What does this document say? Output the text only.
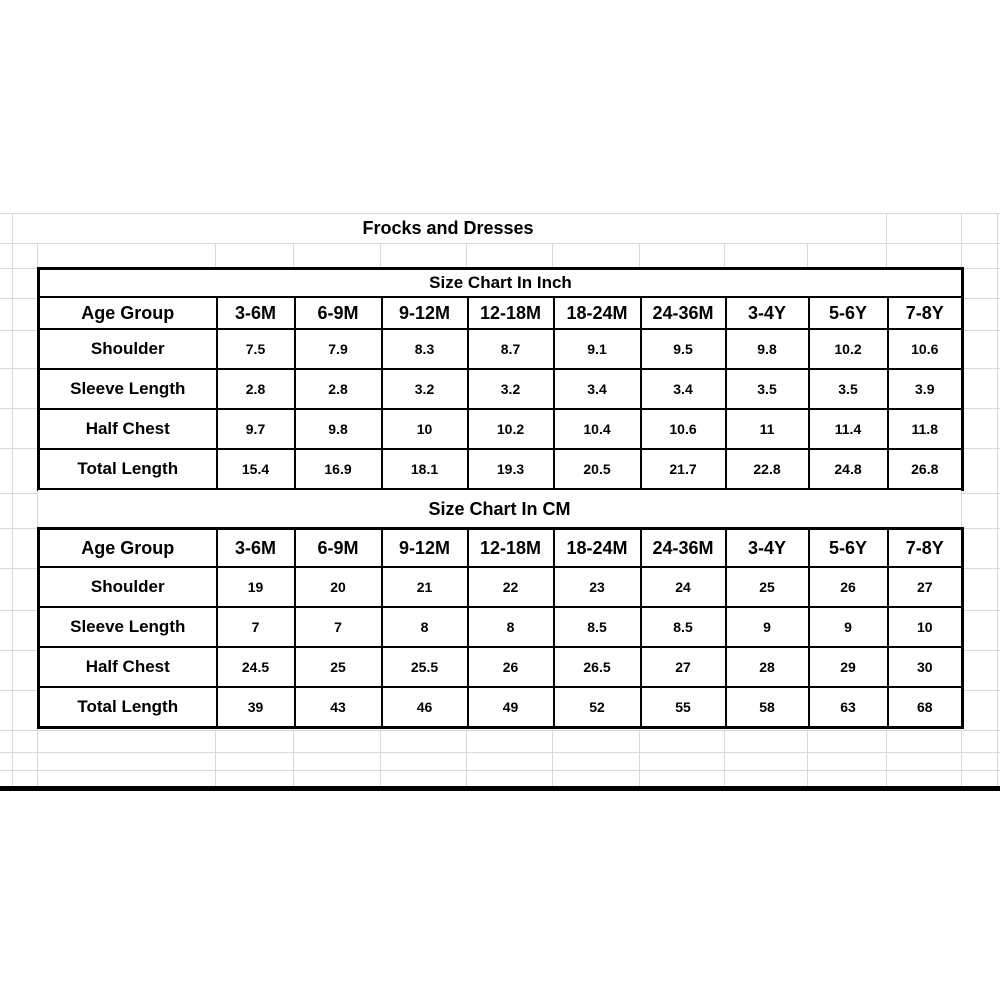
Frocks and Dresses
Size Chart In Inch									
Age Group	3-6M	6-9M	9-12M	12-18M	18-24M	24-36M	3-4Y	5-6Y	7-8Y
Shoulder	7.5	7.9	8.3	8.7	9.1	9.5	9.8	10.2	10.6
Sleeve Length	2.8	2.8	3.2	3.2	3.4	3.4	3.5	3.5	3.9
Half Chest	9.7	9.8	10	10.2	10.4	10.6	11	11.4	11.8
Total Length	15.4	16.9	18.1	19.3	20.5	21.7	22.8	24.8	26.8
Size Chart In CM
Age Group	3-6M	6-9M	9-12M	12-18M	18-24M	24-36M	3-4Y	5-6Y	7-8Y
Shoulder	19	20	21	22	23	24	25	26	27
Sleeve Length	7	7	8	8	8.5	8.5	9	9	10
Half Chest	24.5	25	25.5	26	26.5	27	28	29	30
Total Length	39	43	46	49	52	55	58	63	68
